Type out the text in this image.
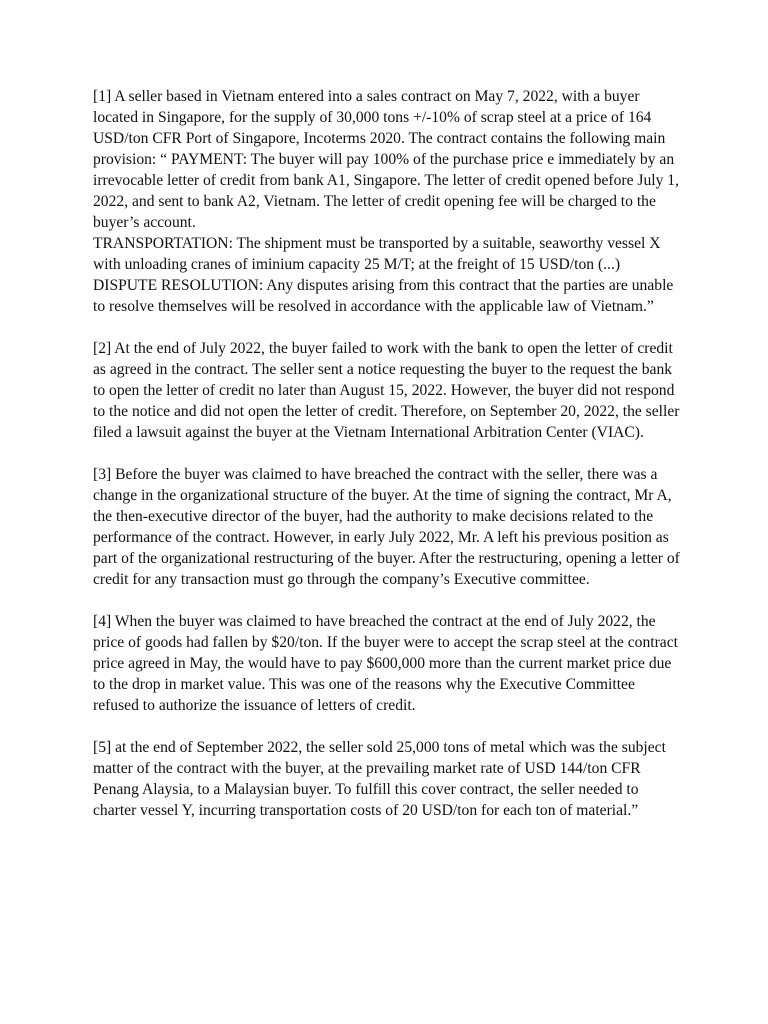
[1] A seller based in Vietnam entered into a sales contract on May 7, 2022, with a buyer located in Singapore, for the supply of 30,000 tons +/-10% of scrap steel at a price of 164 USD/ton CFR Port of Singapore, Incoterms 2020. The contract contains the following main provision: “ PAYMENT: The buyer will pay 100% of the purchase price e immediately by an irrevocable letter of credit from bank A1, Singapore. The letter of credit opened before July 1, 2022, and sent to bank A2, Vietnam. The letter of credit opening fee will be charged to the buyer’s account.

TRANSPORTATION: The shipment must be transported by a suitable, seaworthy vessel X with unloading cranes of iminium capacity 25 M/T; at the freight of 15 USD/ton (...)

DISPUTE RESOLUTION: Any disputes arising from this contract that the parties are unable to resolve themselves will be resolved in accordance with the applicable law of Vietnam.”

[2] At the end of July 2022, the buyer failed to work with the bank to open the letter of credit as agreed in the contract. The seller sent a notice requesting the buyer to the request the bank to open the letter of credit no later than August 15, 2022. However, the buyer did not respond to the notice and did not open the letter of credit. Therefore, on September 20, 2022, the seller filed a lawsuit against the buyer at the Vietnam International Arbitration Center (VIAC).

[3] Before the buyer was claimed to have breached the contract with the seller, there was a change in the organizational structure of the buyer. At the time of signing the contract, Mr A, the then-executive director of the buyer, had the authority to make decisions related to the performance of the contract. However, in early July 2022, Mr. A left his previous position as part of the organizational restructuring of the buyer. After the restructuring, opening a letter of credit for any transaction must go through the company’s Executive committee.

[4] When the buyer was claimed to have breached the contract at the end of July 2022, the price of goods had fallen by $20/ton. If the buyer were to accept the scrap steel at the contract price agreed in May, the would have to pay $600,000 more than the current market price due to the drop in market value. This was one of the reasons why the Executive Committee refused to authorize the issuance of letters of credit.

[5] at the end of September 2022, the seller sold 25,000 tons of metal which was the subject matter of the contract with the buyer, at the prevailing market rate of USD 144/ton CFR Penang Alaysia, to a Malaysian buyer. To fulfill this cover contract, the seller needed to charter vessel Y, incurring transportation costs of 20 USD/ton for each ton of material.”
